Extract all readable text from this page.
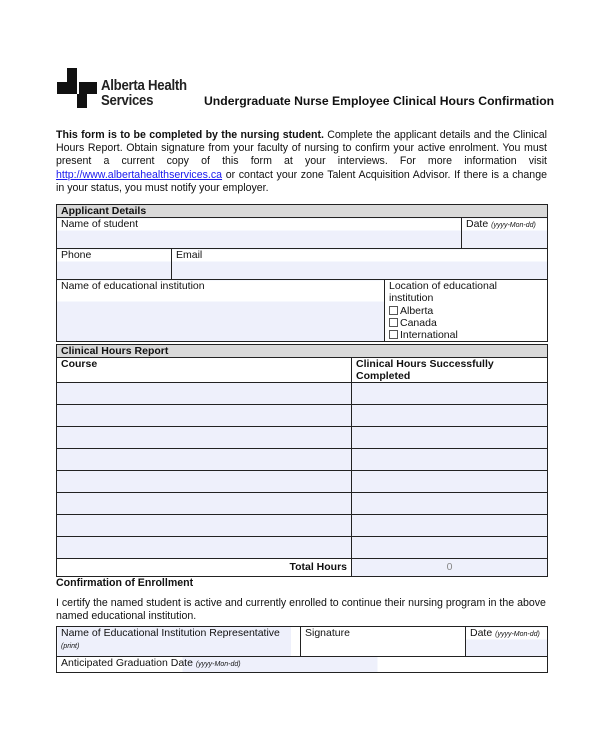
Alberta Health
Services	Undergraduate Nurse Employee Clinical Hours Confirmation

This form is to be completed by the nursing student. Complete the applicant details and the Clinical Hours Report. Obtain signature from your faculty of nursing to confirm your active enrolment. You must present a current copy of this form at your interviews. For more information visit http://www.albertahealthservices.ca or contact your zone Talent Acquisition Advisor. If there is a change in your status, you must notify your employer.

Applicant Details			
Name of student			Date (yyyy-Mon-dd)
Phone	Email		
Name of educational institution		Location of educational institution
Alberta
Canada
International	
Clinical Hours Report	
Course	Clinical Hours Successfully Completed

Total Hours	0
Confirmation of Enrollment
I certify the named student is active and currently enrolled to continue their nursing program in the above named educational institution.
Name of Educational Institution Representative (print)	Signature	Date (yyyy-Mon-dd)
Anticipated Graduation Date (yyyy-Mon-dd)
